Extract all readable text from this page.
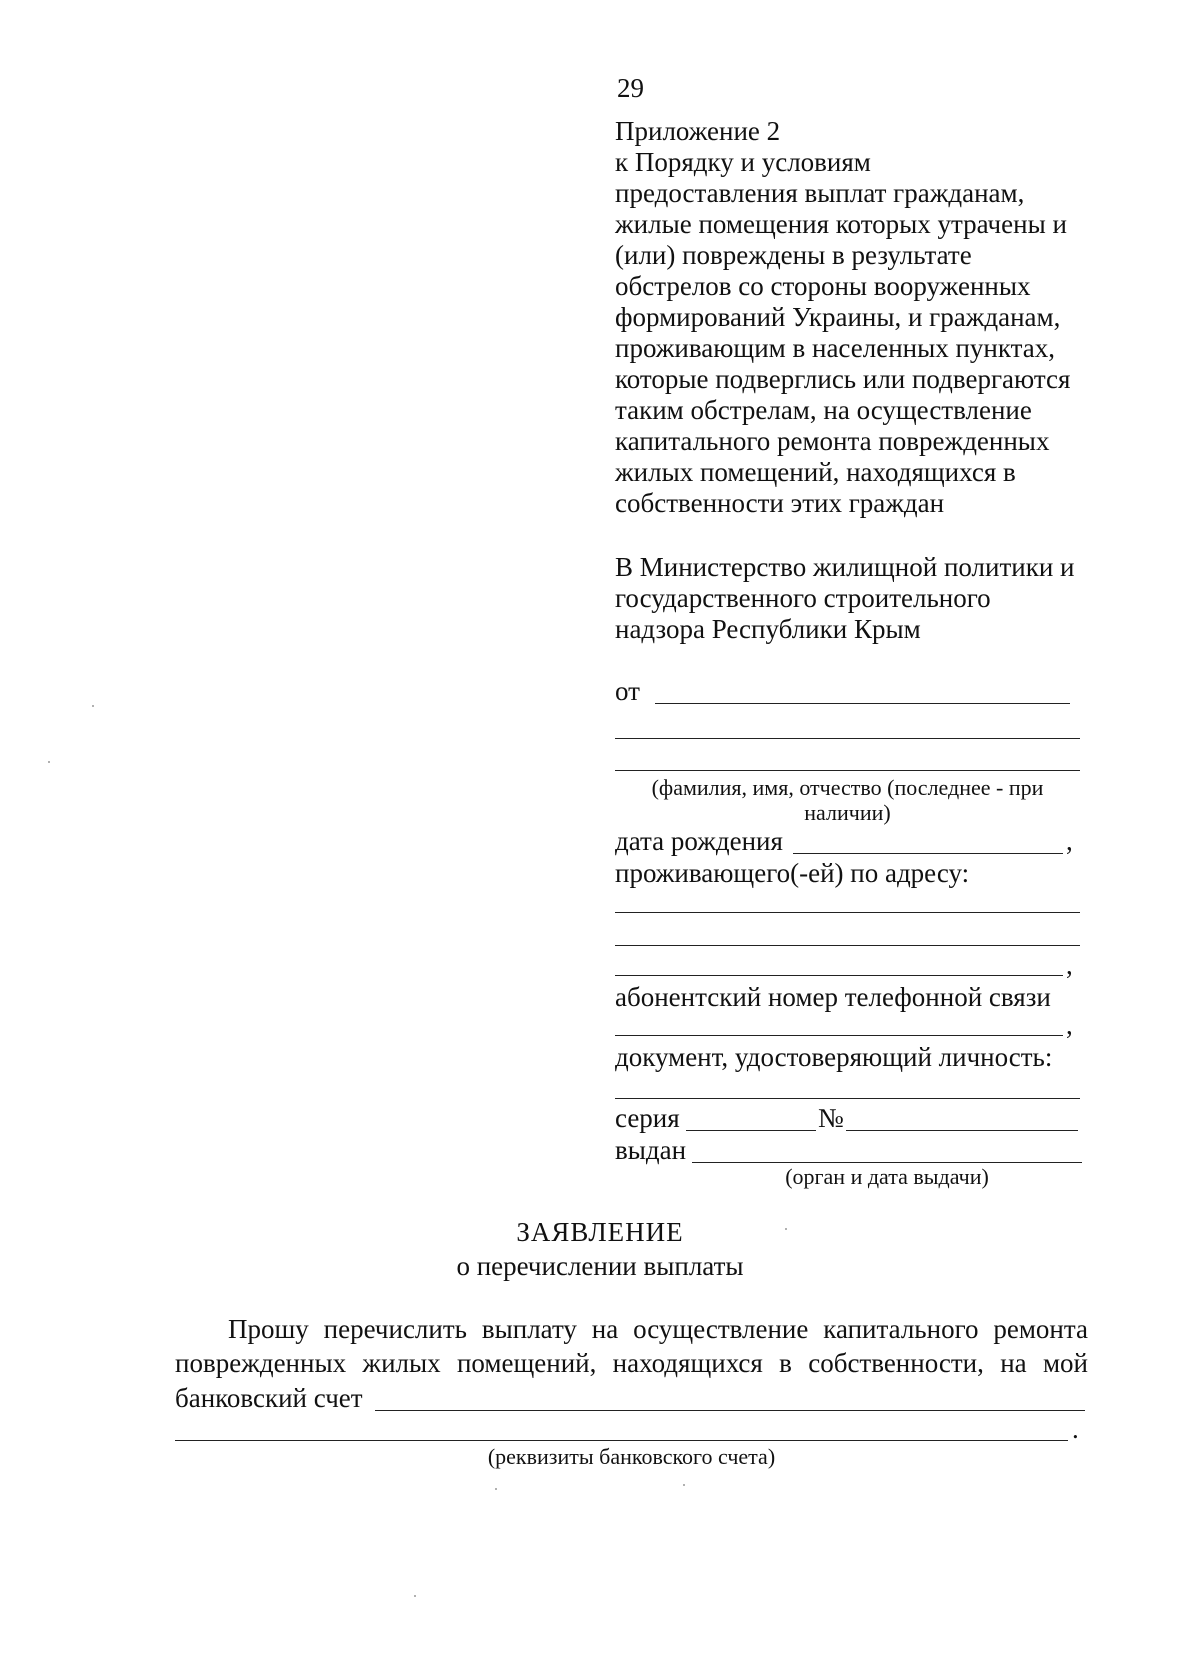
29
Приложение 2
к Порядку и условиям
предоставления выплат гражданам,
жилые помещения которых утрачены и
(или) повреждены в результате
обстрелов со стороны вооруженных
формирований Украины, и гражданам,
проживающим в населенных пунктах,
которые подверглись или подвергаются
таким обстрелам, на осуществление
капитального ремонта поврежденных
жилых помещений, находящихся в
собственности этих граждан
В Министерство жилищной политики и
государственного строительного
надзора Республики Крым
от
(фамилия, имя, отчество (последнее - при
наличии)
дата рождения	,
проживающего(-ей) по адресу:
,
абонентский номер телефонной связи
,
документ, удостоверяющий личность:
серия	№
выдан
(орган и дата выдачи)
ЗАЯВЛЕНИЕ
о перечислении выплаты
Прошу перечислить выплату на осуществление капитального ремонта
поврежденных жилых помещений, находящихся в собственности, на мой
банковский счет
.
(реквизиты банковского счета)
